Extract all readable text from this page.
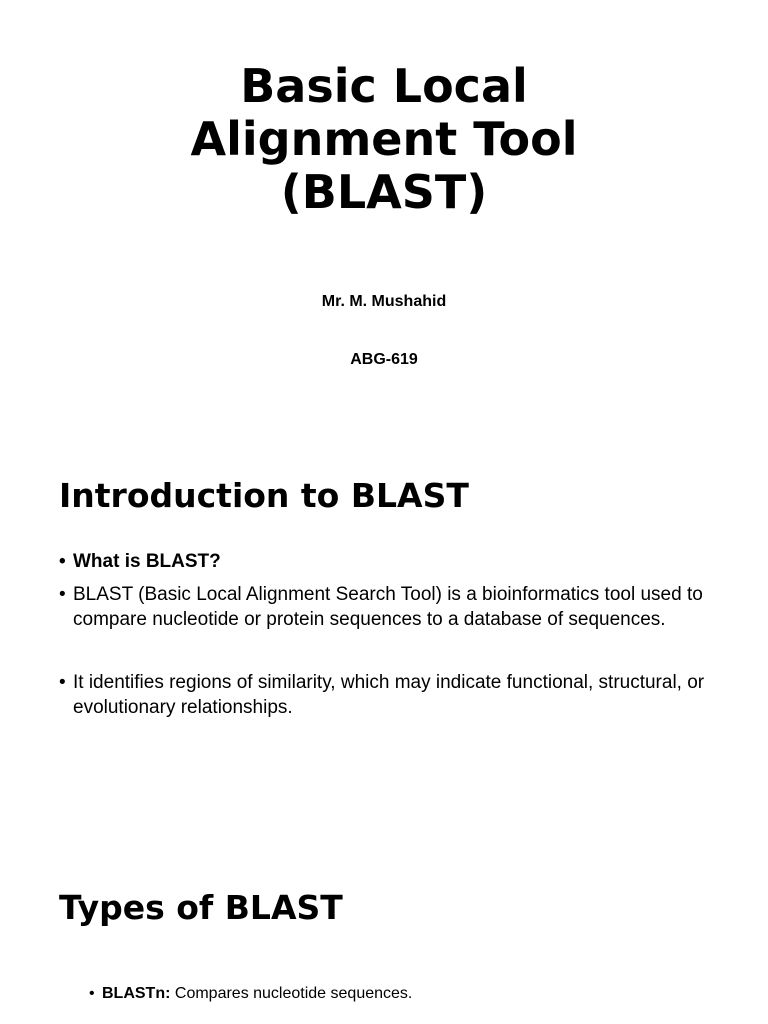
Basic Local
Alignment Tool
(BLAST)
Mr. M. Mushahid
ABG-619
Introduction to BLAST
• What is BLAST?
• BLAST (Basic Local Alignment Search Tool) is a bioinformatics tool used to compare nucleotide or protein sequences to a database of sequences.
• It identifies regions of similarity, which may indicate functional, structural, or evolutionary relationships.
Types of BLAST
• BLASTn: Compares nucleotide sequences.
